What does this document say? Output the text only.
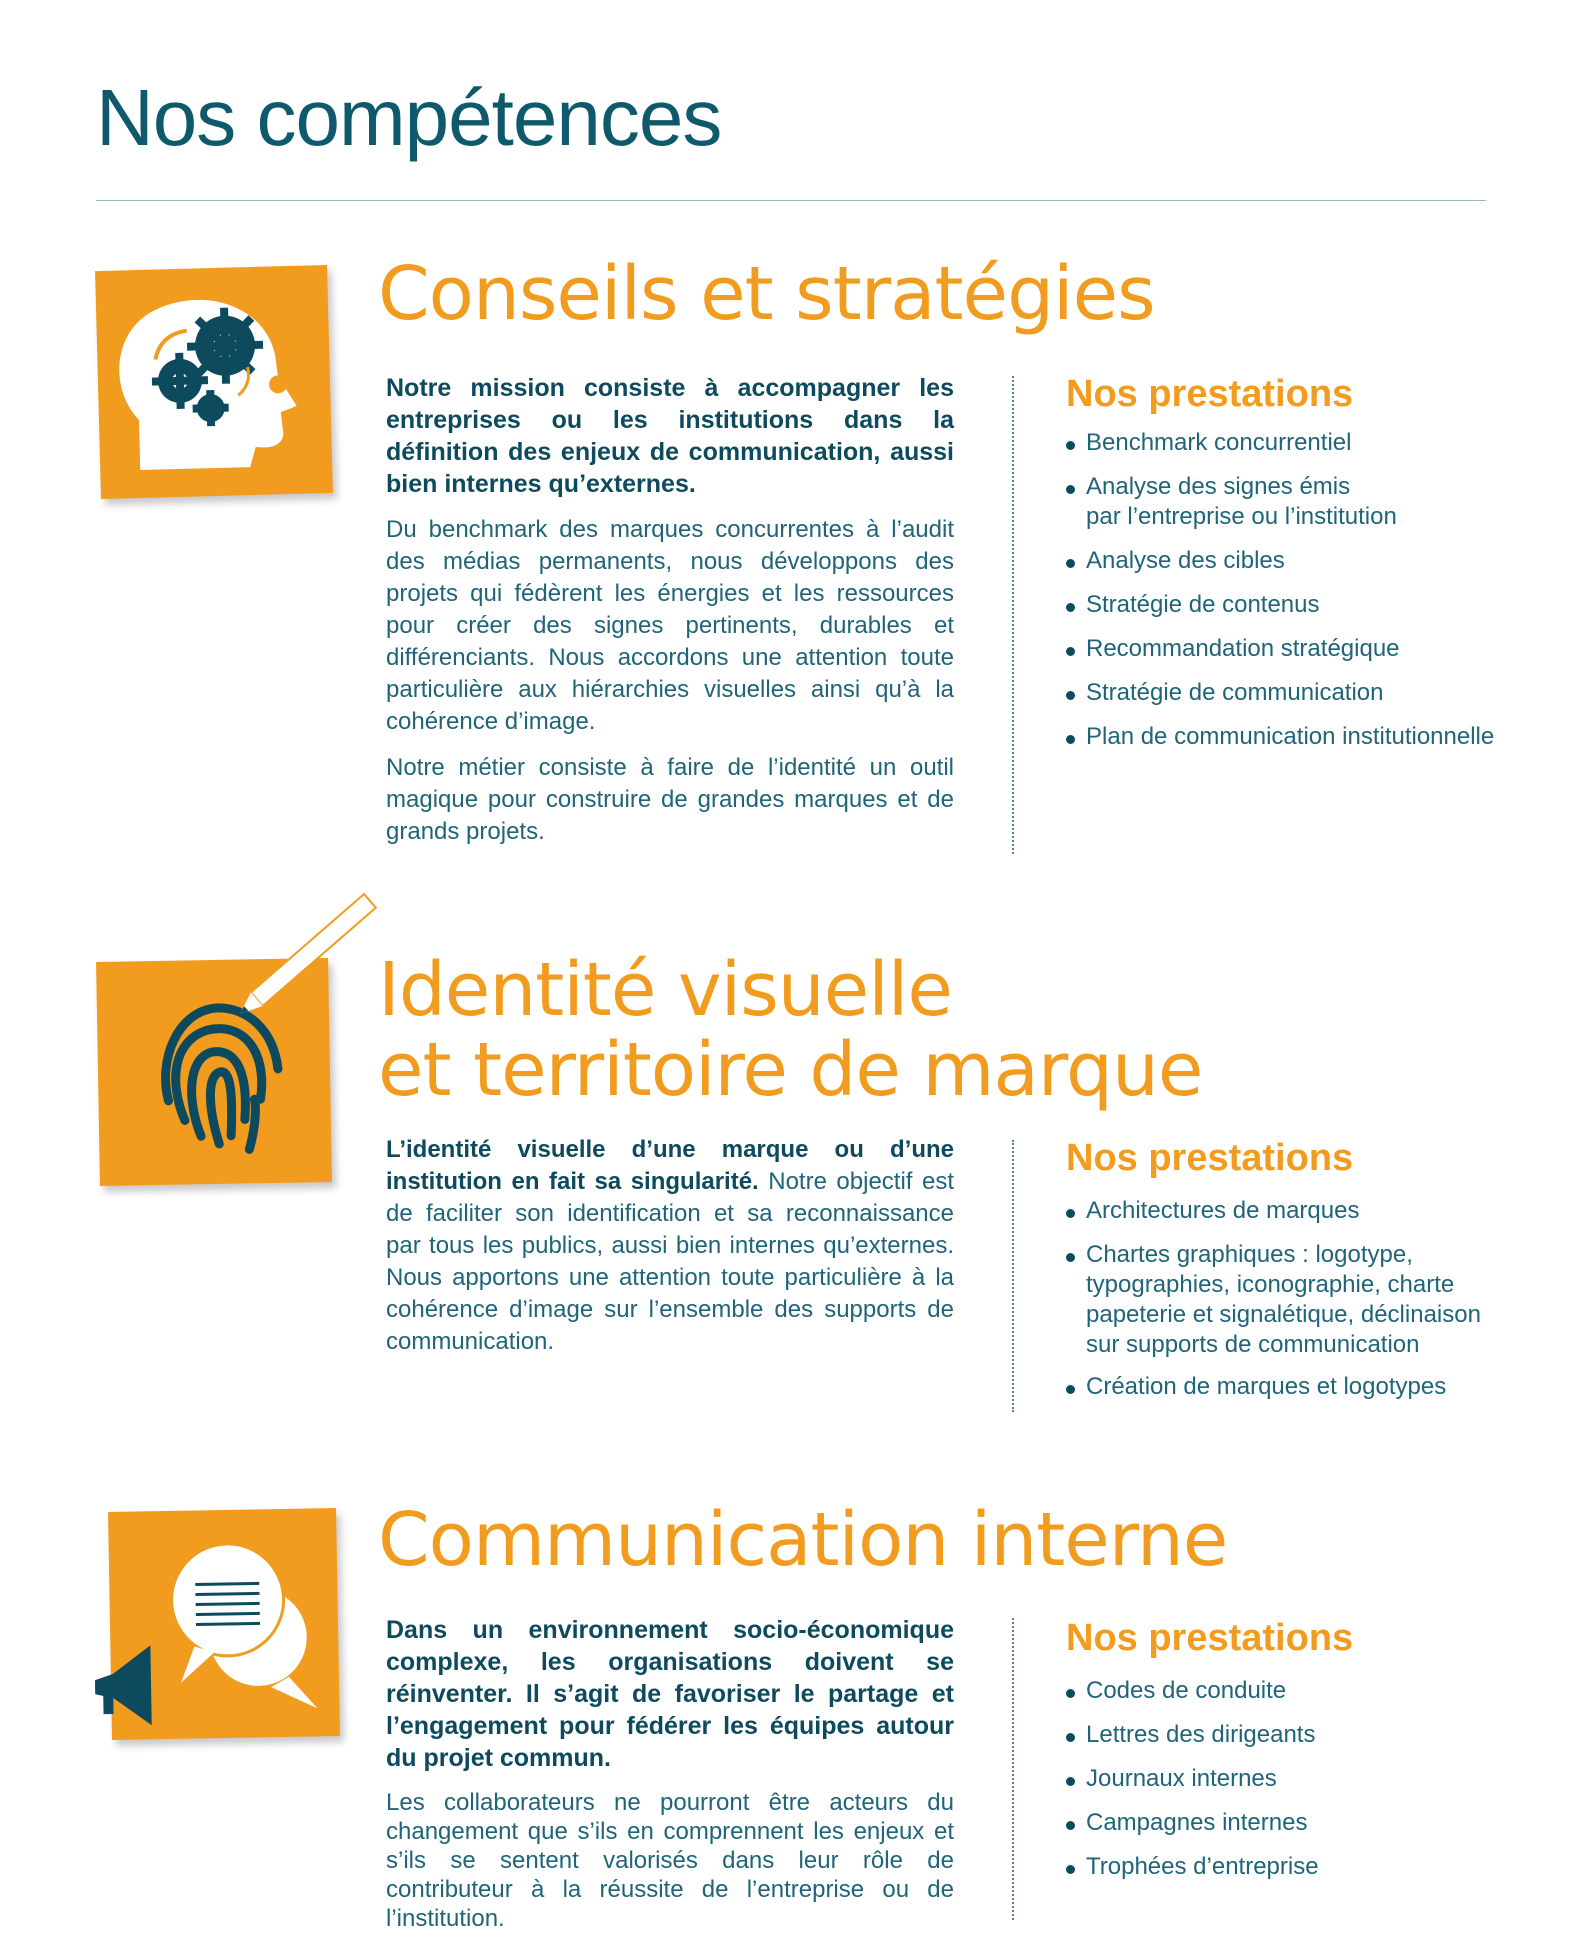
Nos compétences
Conseils et stratégies

Notre mission consiste à accompagner les entreprises ou les institutions dans la définition des enjeux de communication, aussi bien internes qu’externes.

Du benchmark des marques concurrentes à l’audit des médias permanents, nous développons des projets qui fédèrent les énergies et les ressources pour créer des signes pertinents, durables et différenciants. Nous accordons une attention toute particulière aux hiérarchies visuelles ainsi qu’à la cohérence d’image.

Notre métier consiste à faire de l’identité un outil magique pour construire de grandes marques et de grands projets.

Nos prestations
Benchmark concurrentiel
Analyse des signes émis
par l’entreprise ou l’institution
Analyse des cibles
Stratégie de contenus
Recommandation stratégique
Stratégie de communication
Plan de communication institutionnelle
Identité visuelle
et territoire de marque

L’identité visuelle d’une marque ou d’une institution en fait sa singularité. Notre objectif est de faciliter son identification et sa reconnaissance par tous les publics, aussi bien internes qu’externes. Nous apportons une attention toute particulière à la cohérence d’image sur l’ensemble des supports de communication.

Nos prestations
Architectures de marques
Chartes graphiques : logotype,
typographies, iconographie, charte
papeterie et signalétique, déclinaison
sur supports de communication
Création de marques et logotypes
Communication interne

Dans un environnement socio-économique complexe, les organisations doivent se réinventer. Il s’agit de favoriser le partage et l’engagement pour fédérer les équipes autour du projet commun.

Les collaborateurs ne pourront être acteurs du changement que s’ils en comprennent les enjeux et s’ils se sentent valorisés dans leur rôle de contributeur à la réussite de l’entreprise ou de l’institution.

Nos prestations
Codes de conduite
Lettres des dirigeants
Journaux internes
Campagnes internes
Trophées d’entreprise
